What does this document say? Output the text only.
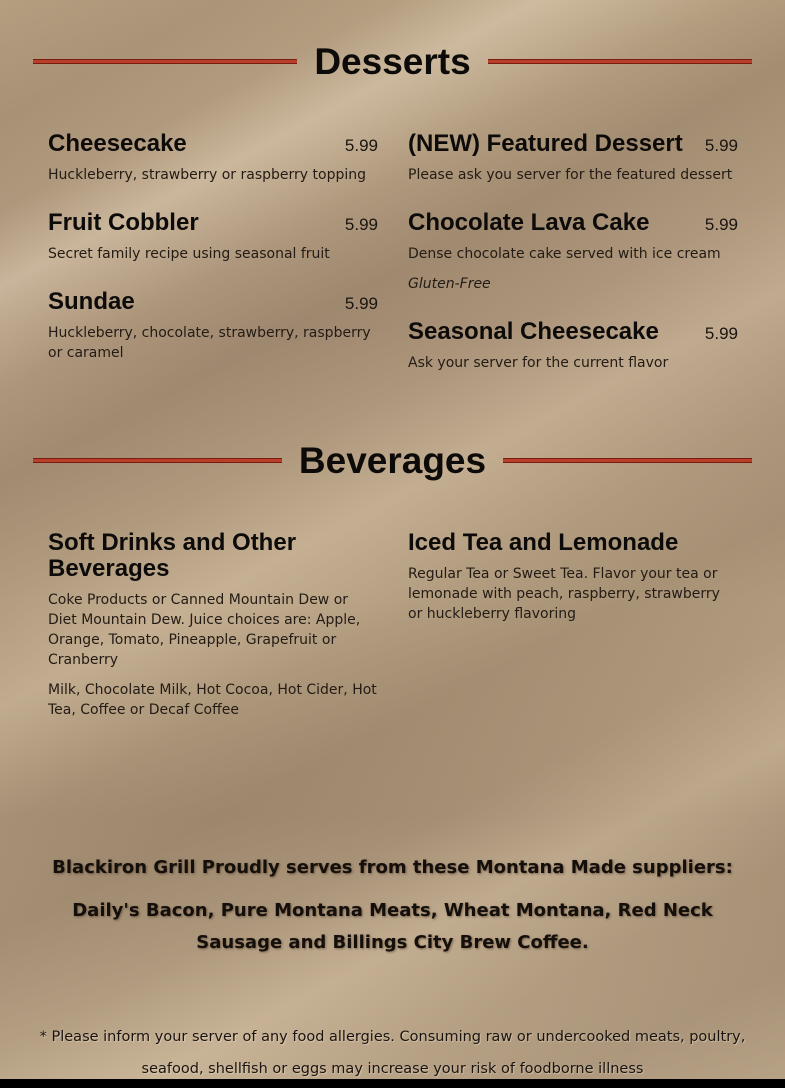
Desserts
Cheesecake	5.99
Huckleberry, strawberry or raspberry topping
Fruit Cobbler	5.99
Secret family recipe using seasonal fruit
Sundae	5.99
Huckleberry, chocolate, strawberry, raspberry or caramel
(NEW) Featured Dessert 5.99
Please ask you server for the featured dessert
Chocolate Lava Cake	5.99
Dense chocolate cake served with ice cream
Gluten-Free
Seasonal Cheesecake	5.99
Ask your server for the current flavor
Beverages
Soft Drinks and Other Beverages
Coke Products or Canned Mountain Dew or Diet Mountain Dew. Juice choices are: Apple, Orange, Tomato, Pineapple, Grapefruit or Cranberry
Milk, Chocolate Milk, Hot Cocoa, Hot Cider, Hot Tea, Coffee or Decaf Coffee
Iced Tea and Lemonade
Regular Tea or Sweet Tea. Flavor your tea or lemonade with peach, raspberry, strawberry or huckleberry flavoring
Blackiron Grill Proudly serves from these Montana Made suppliers:
Daily's Bacon, Pure Montana Meats, Wheat Montana, Red Neck Sausage and Billings City Brew Coffee.
* Please inform your server of any food allergies. Consuming raw or undercooked meats, poultry, seafood, shellfish or eggs may increase your risk of foodborne illness
